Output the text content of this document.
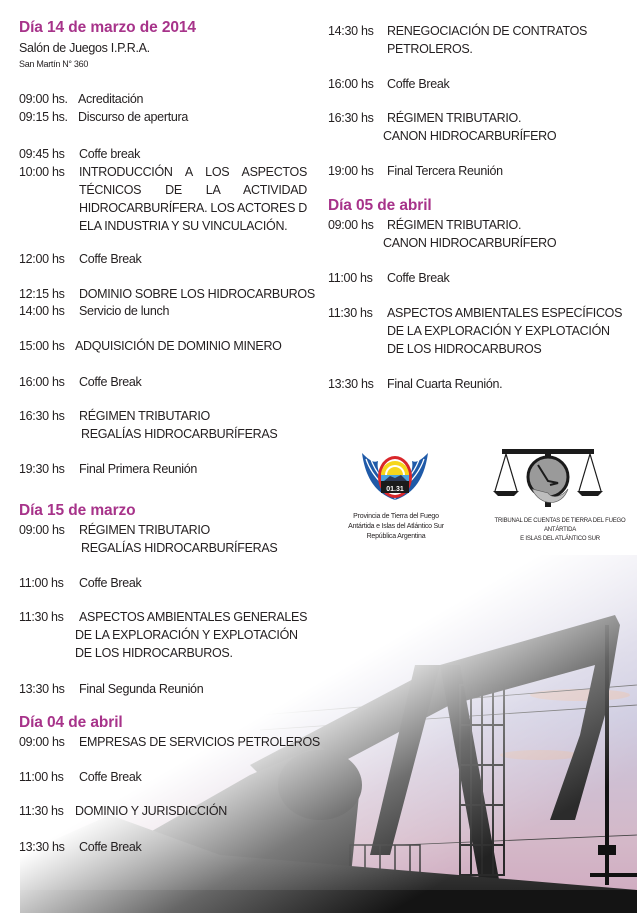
Día 14 de marzo de 2014
Salón de Juegos I.P.R.A.
San Martín N° 360
09:00 hs. Acreditación
09:15 hs. Discurso de apertura
09:45 hs Coffe break
10:00 hs INTRODUCCIÓN A LOS ASPECTOS
TÉCNICOS DE LA ACTIVIDAD
HIDROCARBURÍFERA. LOS ACTORES D
ELA INDUSTRIA Y SU VINCULACIÓN.
12:00 hs Coffe Break
12:15 hs DOMINIO SOBRE LOS HIDROCARBUROS
14:00 hs Servicio de lunch
15:00 hs ADQUISICIÓN DE DOMINIO MINERO
16:00 hs Coffe Break
16:30 hs RÉGIMEN TRIBUTARIO
REGALÍAS HIDROCARBURÍFERAS
19:30 hs Final Primera Reunión
Día 15 de marzo
09:00 hs RÉGIMEN TRIBUTARIO
REGALÍAS HIDROCARBURÍFERAS
11:00 hs Coffe Break
11:30 hs	ASPECTOS AMBIENTALES GENERALES
DE LA EXPLORACIÓN Y EXPLOTACIÓN
DE LOS HIDROCARBUROS.
13:30 hs Final Segunda Reunión
Día 04 de abril
09:00 hs EMPRESAS DE SERVICIOS PETROLEROS
11:00 hs Coffe Break
11:30 hs DOMINIO Y JURISDICCIÓN
13:30 hs Coffe Break
14:30 hs RENEGOCIACIÓN DE CONTRATOS
PETROLEROS.
16:00 hs Coffe Break
16:30 hs	RÉGIMEN TRIBUTARIO.
CANON HIDROCARBURÍFERO
19:00 hs Final Tercera Reunión
Día 05 de abril
09:00 hs	RÉGIMEN TRIBUTARIO.
CANON HIDROCARBURÍFERO
11:00 hs Coffe Break
11:30 hs ASPECTOS AMBIENTALES ESPECÍFICOS
DE LA EXPLORACIÓN Y EXPLOTACIÓN
DE LOS HIDROCARBUROS
13:30 hs Final Cuarta Reunión.
01.31
Provincia de Tierra del Fuego
Antártida e Islas del Atlántico Sur
República Argentina
TRIBUNAL DE CUENTAS DE TIERRA DEL FUEGO
ANTÁRTIDA
E ISLAS DEL ATLÁNTICO SUR
